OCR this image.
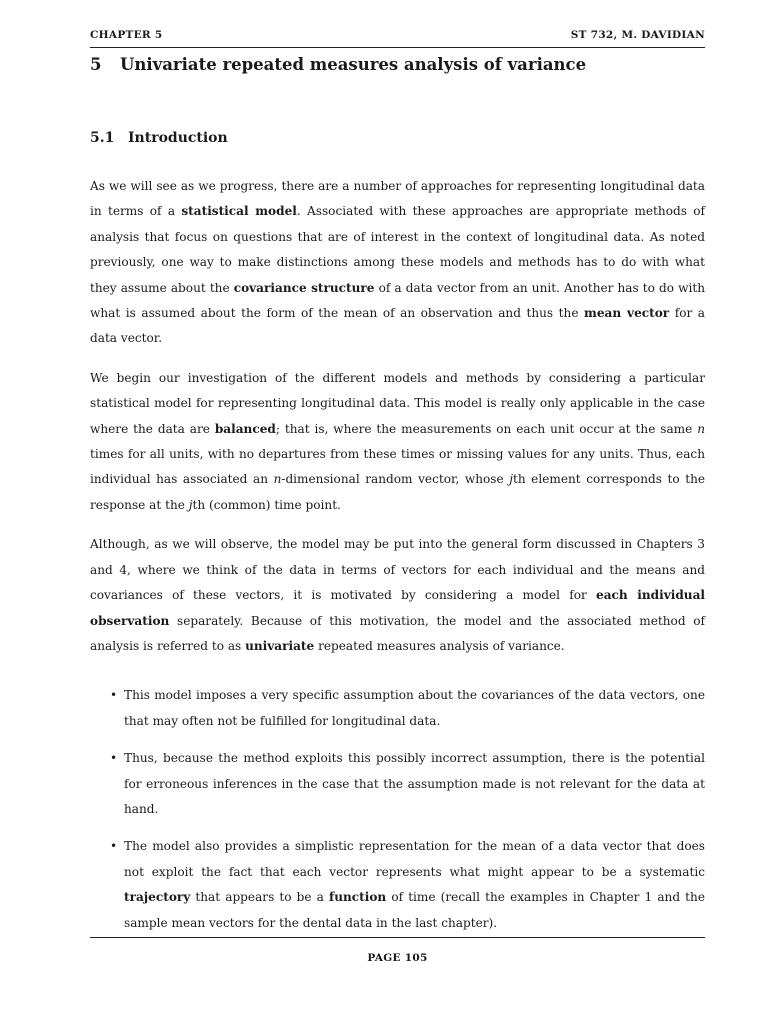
CHAPTER 5	ST 732, M. DAVIDIAN
5 Univariate repeated measures analysis of variance
5.1 Introduction

As we will see as we progress, there are a number of approaches for representing longitudinal data in terms of a statistical model. Associated with these approaches are appropriate methods of analysis that focus on questions that are of interest in the context of longitudinal data. As noted previously, one way to make distinctions among these models and methods has to do with what they assume about the covariance structure of a data vector from an unit. Another has to do with what is assumed about the form of the mean of an observation and thus the mean vector for a data vector.

We begin our investigation of the different models and methods by considering a particular statistical model for representing longitudinal data. This model is really only applicable in the case where the data are balanced; that is, where the measurements on each unit occur at the same n times for all units, with no departures from these times or missing values for any units. Thus, each individual has associated an n-dimensional random vector, whose jth element corresponds to the response at the jth (common) time point.

Although, as we will observe, the model may be put into the general form discussed in Chapters 3 and 4, where we think of the data in terms of vectors for each individual and the means and covariances of these vectors, it is motivated by considering a model for each individual observation separately. Because of this motivation, the model and the associated method of analysis is referred to as univariate repeated measures analysis of variance.

• This model imposes a very specific assumption about the covariances of the data vectors, one that may often not be fulfilled for longitudinal data.
• Thus, because the method exploits this possibly incorrect assumption, there is the potential for erroneous inferences in the case that the assumption made is not relevant for the data at hand.
• The model also provides a simplistic representation for the mean of a data vector that does not exploit the fact that each vector represents what might appear to be a systematic trajectory that appears to be a function of time (recall the examples in Chapter 1 and the sample mean vectors for the dental data in the last chapter).
PAGE 105
